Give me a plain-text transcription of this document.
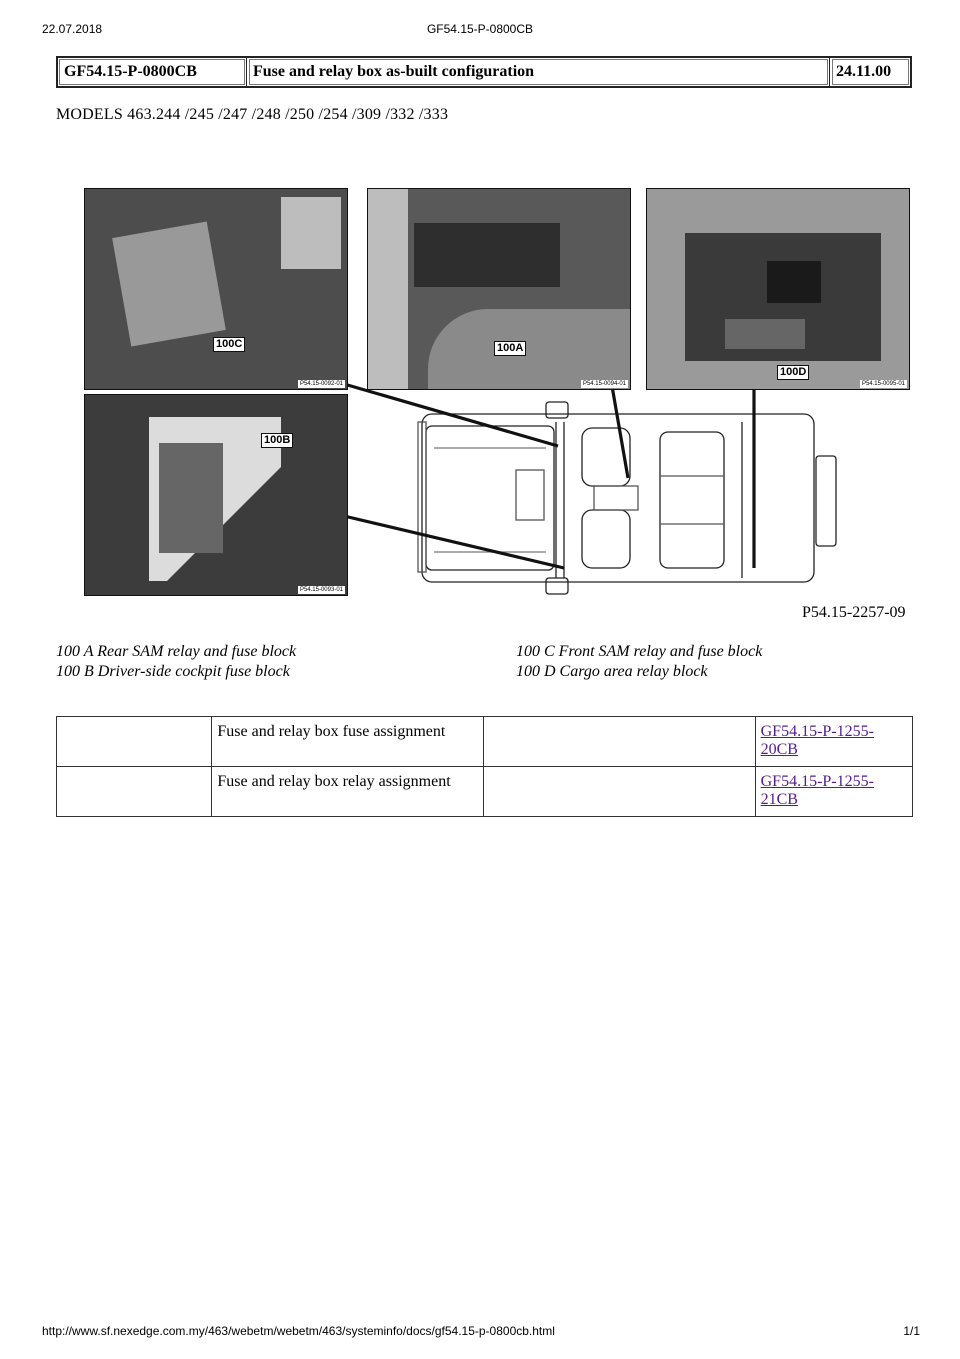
22.07.2018	GF54.15-P-0800CB
GF54.15-P-0800CB	Fuse and relay box as-built configuration	24.11.00
MODELS 463.244 /245 /247 /248 /250 /254 /309 /332 /333
100C
P54.15-0092-01
100A
P54.15-0094-01
100D
P54.15-0095-01
100B
P54.15-0093-01
P54.15-2257-09
100 A Rear SAM relay and fuse block
100 B Driver-side cockpit fuse block
100 C Front SAM relay and fuse block
100 D Cargo area relay block
	Fuse and relay box fuse assignment		GF54.15-P-1255-20CB
	Fuse and relay box relay assignment		GF54.15-P-1255-21CB
http://www.sf.nexedge.com.my/463/webetm/webetm/463/systeminfo/docs/gf54.15-p-0800cb.html	1/1
